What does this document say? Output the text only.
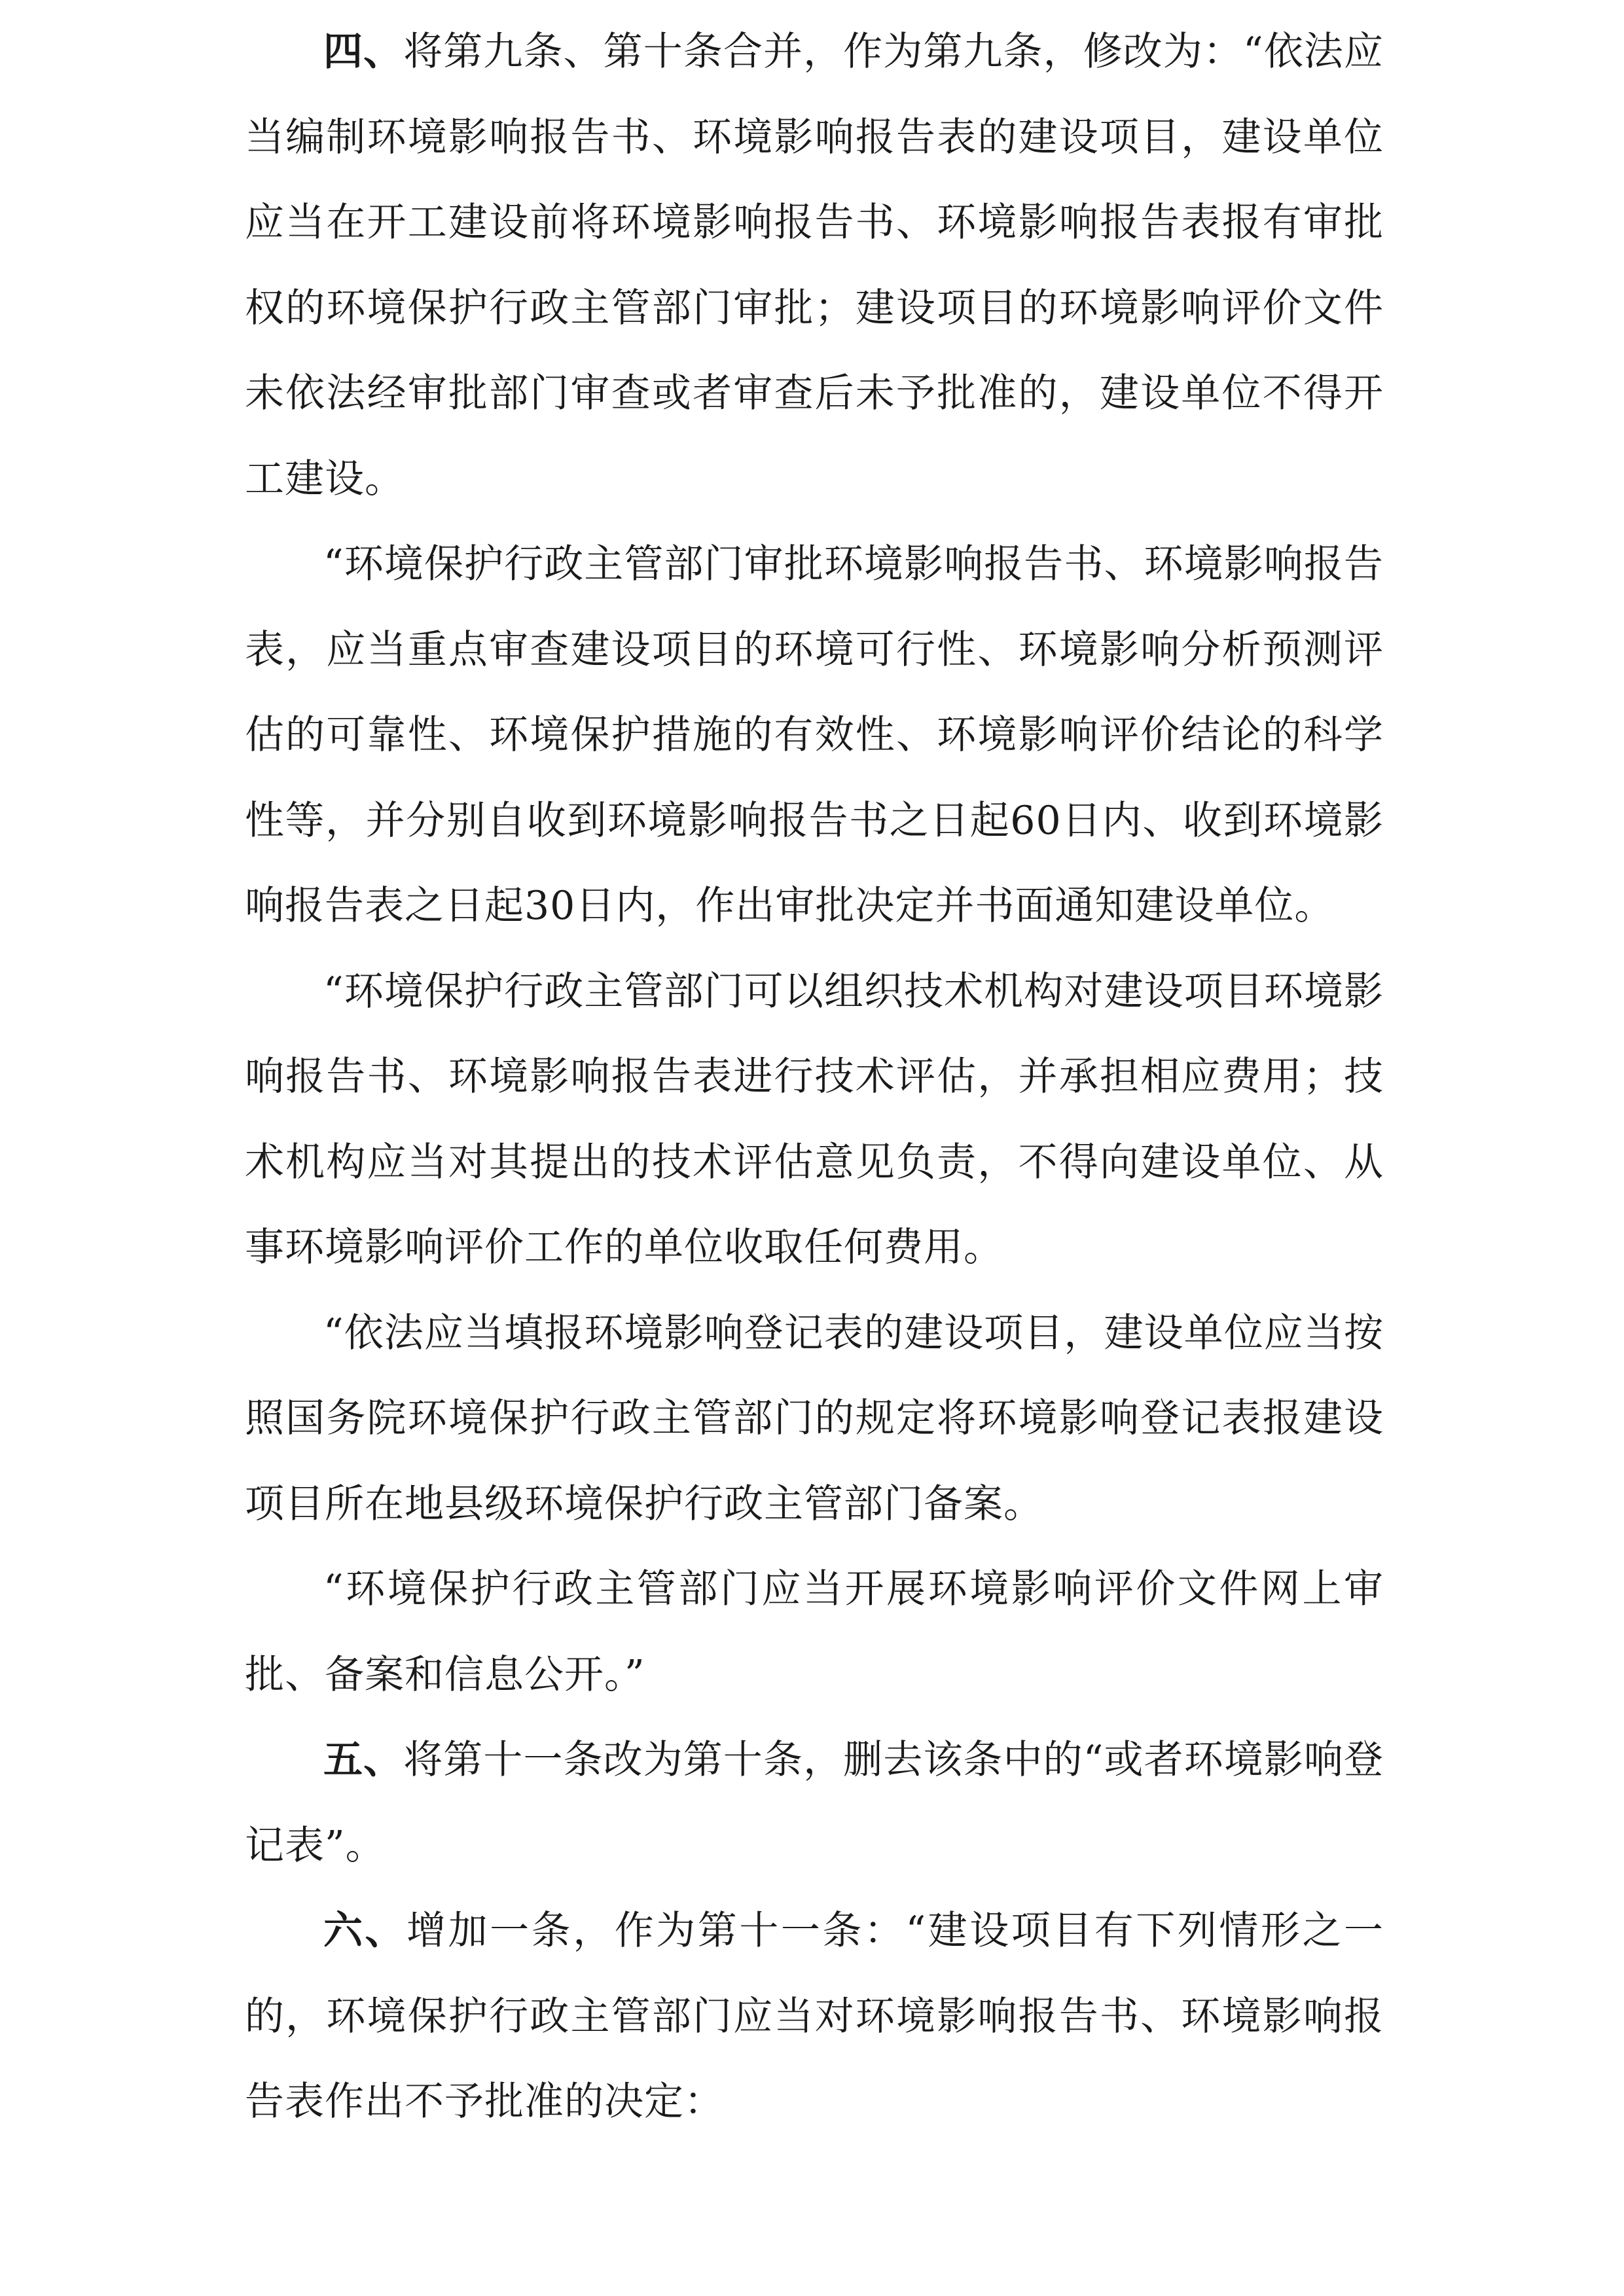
四、将第九条、第十条合并，作为第九条，修改为：“依法应当编制环境影响报告书、环境影响报告表的建设项目，建设单位应当在开工建设前将环境影响报告书、环境影响报告表报有审批权的环境保护行政主管部门审批；建设项目的环境影响评价文件未依法经审批部门审查或者审查后未予批准的，建设单位不得开工建设。

“环境保护行政主管部门审批环境影响报告书、环境影响报告表，应当重点审查建设项目的环境可行性、环境影响分析预测评估的可靠性、环境保护措施的有效性、环境影响评价结论的科学性等，并分别自收到环境影响报告书之日起60日内、收到环境影响报告表之日起30日内，作出审批决定并书面通知建设单位。

“环境保护行政主管部门可以组织技术机构对建设项目环境影响报告书、环境影响报告表进行技术评估，并承担相应费用；技术机构应当对其提出的技术评估意见负责，不得向建设单位、从事环境影响评价工作的单位收取任何费用。

“依法应当填报环境影响登记表的建设项目，建设单位应当按照国务院环境保护行政主管部门的规定将环境影响登记表报建设项目所在地县级环境保护行政主管部门备案。

“环境保护行政主管部门应当开展环境影响评价文件网上审批、备案和信息公开。”

五、将第十一条改为第十条，删去该条中的“或者环境影响登记表”。

六、增加一条，作为第十一条：“建设项目有下列情形之一的，环境保护行政主管部门应当对环境影响报告书、环境影响报告表作出不予批准的决定：
